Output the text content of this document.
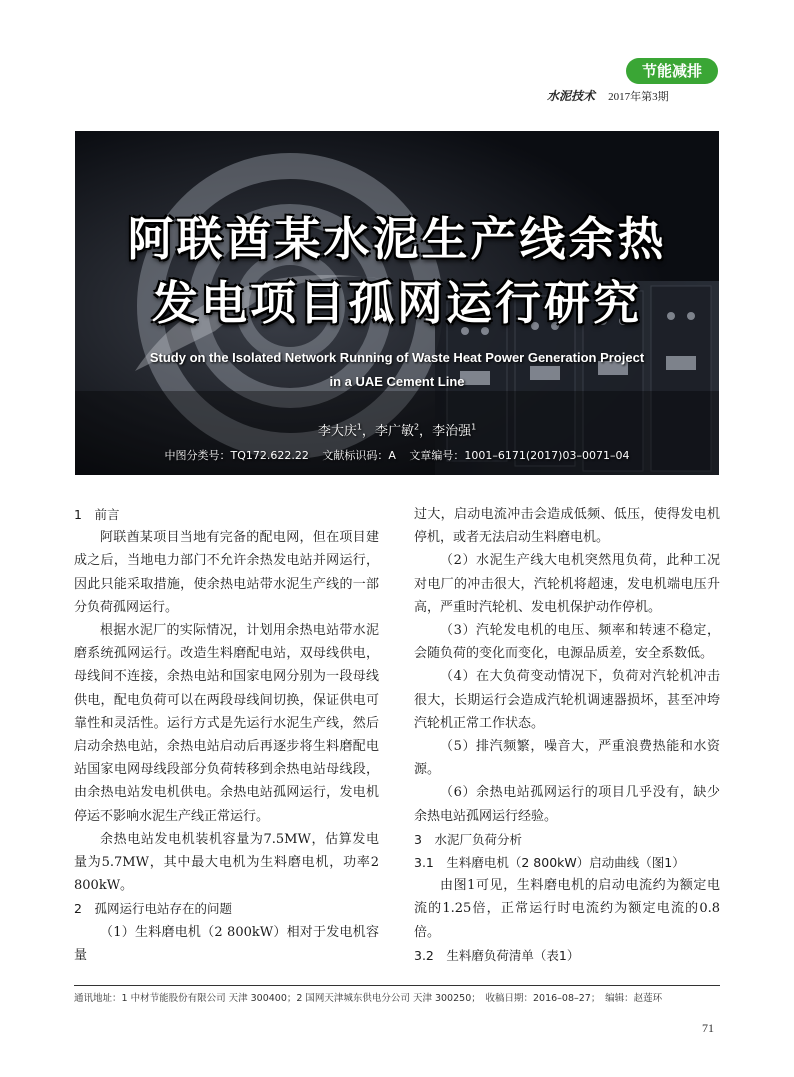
节能减排
水泥技术 2017年第3期
阿联酋某水泥生产线余热
发电项目孤网运行研究
Study on the Isolated Network Running of Waste Heat Power Generation Project
in a UAE Cement Line
李大庆$^1$，李广敏$^2$，李治强$^1$
中图分类号：TQ172.622.22 文献标识码：A 文章编号：1001–6171(2017)03–0071–04

1　前言

阿联酋某项目当地有完备的配电网，但在项目建成之后，当地电力部门不允许余热发电站并网运行，因此只能采取措施，使余热电站带水泥生产线的一部分负荷孤网运行。

根据水泥厂的实际情况，计划用余热电站带水泥磨系统孤网运行。改造生料磨配电站，双母线供电，母线间不连接，余热电站和国家电网分别为一段母线供电，配电负荷可以在两段母线间切换，保证供电可靠性和灵活性。运行方式是先运行水泥生产线，然后启动余热电站，余热电站启动后再逐步将生料磨配电站国家电网母线段部分负荷转移到余热电站母线段，由余热电站发电机供电。余热电站孤网运行，发电机停运不影响水泥生产线正常运行。

余热电站发电机装机容量为7.5MW，估算发电量为5.7MW，其中最大电机为生料磨电机，功率2 800kW。

2　孤网运行电站存在的问题

（1）生料磨电机（2 800kW）相对于发电机容量

过大，启动电流冲击会造成低频、低压，使得发电机停机，或者无法启动生料磨电机。

（2）水泥生产线大电机突然甩负荷，此种工况对电厂的冲击很大，汽轮机将超速，发电机端电压升高，严重时汽轮机、发电机保护动作停机。

（3）汽轮发电机的电压、频率和转速不稳定，会随负荷的变化而变化，电源品质差，安全系数低。

（4）在大负荷变动情况下，负荷对汽轮机冲击很大，长期运行会造成汽轮机调速器损坏，甚至冲垮汽轮机正常工作状态。

（5）排汽频繁，噪音大，严重浪费热能和水资源。

（6）余热电站孤网运行的项目几乎没有，缺少余热电站孤网运行经验。

3　水泥厂负荷分析

3.1　生料磨电机（2 800kW）启动曲线（图1）

由图1可见，生料磨电机的启动电流约为额定电流的1.25倍，正常运行时电流约为额定电流的0.8倍。

3.2　生料磨负荷清单（表1）

通讯地址：1 中材节能股份有限公司 天津 300400；2 国网天津城东供电分公司 天津 300250；　收稿日期：2016–08–27；　编辑：赵莲环
71
